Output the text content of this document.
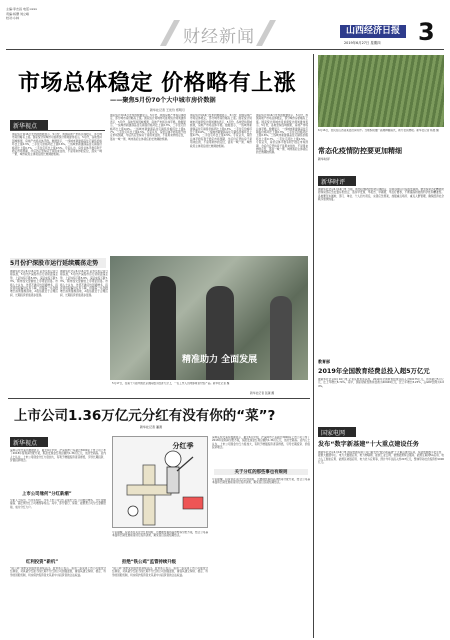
主编:李志昌 电话:xxxx
责编:杨珊 刘立峰
校对:小林
财经新闻	山西经济日报
2019年6月27日 星期四	3
市场总体稳定 价格略有上涨
——聚焦5月份70个大中城市房价数据
新华社记者 王优玲 郑明月
新华视点
国家统计局16日发布的数据显示，5月份，我国房地产市场总体稳定，部分城市房价略有上涨。国家统计局城市司首席统计师刘建伟表示，5月份，各地坚持因城施策，房地产市场总体平稳。数据显示，一线城市新建商品住宅销售价格环比上涨0.3%，二手住宅价格环比上涨0.6%。二线城市新建商品住宅销售价格环比上涨0.7%，二手住宅环比上涨0.5%。专家认为，房价总体平稳有利于稳定市场预期，今后仍应坚持房子是用来住的、不是用来炒的定位，落实一城一策、城市政府主体责任的长效调控机制。
国家统计局16日发布的数据显示，5月份，我国房地产市场总体稳定，部分城市房价略有上涨。国家统计局城市司首席统计师刘建伟表示，5月份，各地坚持因城施策，房地产市场总体平稳。数据显示，一线城市新建商品住宅销售价格环比上涨0.3%，二手住宅价格环比上涨0.6%。二线城市新建商品住宅销售价格环比上涨0.7%，二手住宅环比上涨0.5%。专家认为，房价总体平稳有利于稳定市场预期，今后仍应坚持房子是用来住的、不是用来炒的定位，落实一城一策、城市政府主体责任的长效调控机制。
国家统计局16日发布的数据显示，5月份，我国房地产市场总体稳定，部分城市房价略有上涨。国家统计局城市司首席统计师刘建伟表示，5月份，各地坚持因城施策，房地产市场总体平稳。数据显示，一线城市新建商品住宅销售价格环比上涨0.3%，二手住宅价格环比上涨0.6%。二线城市新建商品住宅销售价格环比上涨0.7%，二手住宅环比上涨0.5%。专家认为，房价总体平稳有利于稳定市场预期，今后仍应坚持房子是用来住的、不是用来炒的定位，落实一城一策、城市政府主体责任的长效调控机制。
国家统计局16日发布的数据显示，5月份，我国房地产市场总体稳定，部分城市房价略有上涨。国家统计局城市司首席统计师刘建伟表示，5月份，各地坚持因城施策，房地产市场总体平稳。数据显示，一线城市新建商品住宅销售价格环比上涨0.3%，二手住宅价格环比上涨0.6%。二线城市新建商品住宅销售价格环比上涨0.7%，二手住宅环比上涨0.5%。专家认为，房价总体平稳有利于稳定市场预期，今后仍应坚持房子是用来住的、不是用来炒的定位，落实一城一策、城市政府主体责任的长效调控机制。
6月16日，农民在山西省某县田间劳作。当地积极推广高效种植模式，助力农民增收。新华社记者 杨晨 摄
5月份沪深股市运行延续震荡走势
据新华社北京6月16日电 证券日报记者日前获悉，5月份沪深股市运行延续震荡走势，上证综指下跌5.8%，深证成指下跌7.3%，两市成交金额较上月明显回落。市场人士认为，外部不确定性因素增多，投资者风险偏好有所下降，但随着一系列稳增长政策措施落地，A股估值处于合理区间，长期投资价值逐步显现。
据新华社北京6月16日电 证券日报记者日前获悉，5月份沪深股市运行延续震荡走势，上证综指下跌5.8%，深证成指下跌7.3%，两市成交金额较上月明显回落。市场人士认为，外部不确定性因素增多，投资者风险偏好有所下降，但随着一系列稳增长政策措施落地，A股估值处于合理区间，长期投资价值逐步显现。
精准助力 全面发展
5月17日，在第十六届中国北京国际数字经济大会上，一名工作人员向参观者介绍产品。新华社记者 摄
新华社记者 张越 摄
常态化疫情防控要更加精细
新华时评
新华时评
据新华社北京6月16日电 当前，国内疫情防控形势总体稳定，但局部地区仍有散发病例。要坚持常态化精准防控和局部应急处置有机结合，落实早发现、早报告、早隔离、早治疗要求，不断提高防控的科学性和精准性。各地要压实属地、部门、单位、个人四方责任，完善应急预案，加强重点场所、重点人群管理，确保经济社会秩序加快恢复。
教育部
2019年全国教育经费总投入超5万亿元
据新华社北京6月16日电 记者从教育部获悉，2019年全国教育经费总投入为50175亿元，首次超过5万亿元，比上年增长8.74%。其中，国家财政性教育经费为40049亿元，比上年增长8.25%，占GDP比例为4.04%。
国家电网
发布“数字新基建”十大重点建设任务
据新华社北京6月16日电 国家电网有限公司日前发布“数字新基建”十大重点建设任务，包括电网数字化平台、能源大数据中心、电力大数据应用、电力物联网、能源工业云网、智慧能源综合服务、能源互联网5G应用、电力人工智能应用、能源区块链应用、电力北斗应用等，预计今年总投入约247亿元，整体带动社会投资约1000亿元。
上市公司1.36万亿元分红有没有你的“菜”?
新华社记者 潘清
新华视点
深圳证券交易所数据显示，截至6月中旬，沪深两市已有超过3000家上市公司公布了2018年度利润分配方案，拟派发现金红利总额约1.36万亿元，创历史新高。业内人士认为，上市公司现金分红力度加大，有利于增强投资者获得感，引导长期投资、价值投资理念。
上市公司缘何“分红新潮”
分析人士指出，与往年相比，今年上市公司分红呈现出分红公司数量增多、分红金额提高、高比例分红公司增加等特点。其中，部分银行、保险、能源类公司分红金额居前，成为分红大户。
红利投资“新机”
“铁公鸡”现象受到监管层持续关注。监管部门表示，将进一步完善上市公司现金分红制度，对具备分红能力而长期不分红的公司加强监管，督促其建立持续、稳定、科学的回报机制，切实保护投资者尤其是中小投资者的合法权益。
分红季
专家提醒，投资者在关注分红的同时，也要理性看待高送转等分配方案，结合公司基本面和长期发展前景进行投资决策，避免盲目追逐短期热点。
拒绝“铁公鸡”监管持续升级
“铁公鸡”现象受到监管层持续关注。监管部门表示，将进一步完善上市公司现金分红制度，对具备分红能力而长期不分红的公司加强监管，督促其建立持续、稳定、科学的回报机制，切实保护投资者尤其是中小投资者的合法权益。
关于分红的那些事也有规则
深圳证券交易所数据显示，截至6月中旬，沪深两市已有超过3000家上市公司公布了2018年度利润分配方案，拟派发现金红利总额约1.36万亿元，创历史新高。业内人士认为，上市公司现金分红力度加大，有利于增强投资者获得感，引导长期投资、价值投资理念。
专家提醒，投资者在关注分红的同时，也要理性看待高送转等分配方案，结合公司基本面和长期发展前景进行投资决策，避免盲目追逐短期热点。
